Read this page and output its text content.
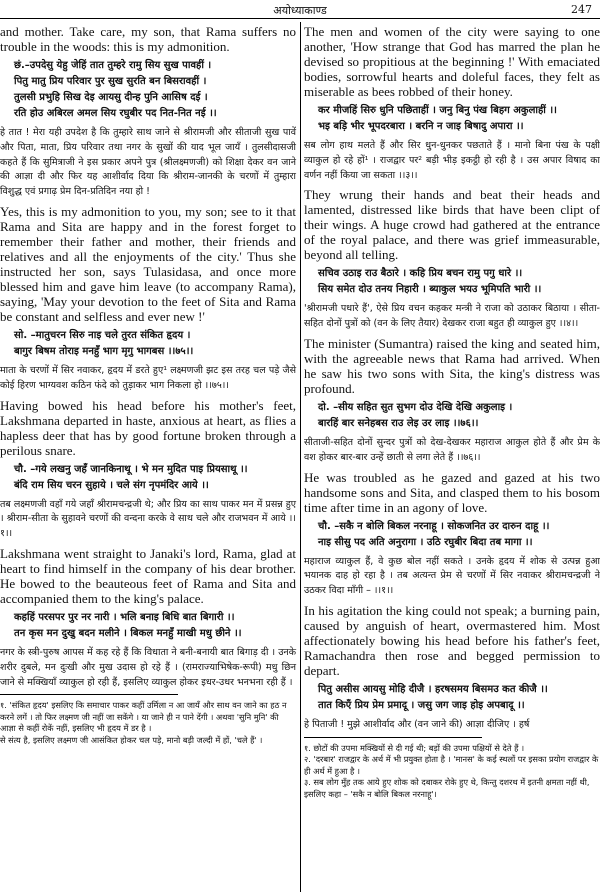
अयोध्याकाण्ड	247
and mother. Take care, my son, that Rama suffers no trouble in the woods: this is my admonition.
छं.–उपदेसु येहु जेहिं तात तुम्हरे रामु सिय सुख पावहीं ।
पितु मातु प्रिय परिवार पुर सुख सुरति बन बिसरावहीं ।
तुलसी प्रभुहि सिख देइ आयसु दीन्ह पुनि आसिष दई ।
रति होउ अबिरल अमल सिय रघुबीर पद नित-नित नई ।।
हे तात ! मेरा यही उपदेश है कि तुम्हारे साथ जाने से श्रीरामजी और सीताजी सुख पावें और पिता, माता, प्रिय परिवार तथा नगर के सुखों की याद भूल जायँ । तुलसीदासजी कहते हैं कि सुमित्राजी ने इस प्रकार अपने पुत्र (श्रीलक्ष्मणजी) को शिक्षा देकर वन जाने की आज्ञा दी और फिर यह आशीर्वाद दिया कि श्रीराम-जानकी के चरणों में तुम्हारा विशुद्ध एवं प्रगाढ़ प्रेम दिन-प्रतिदिन नया हो !
Yes, this is my admonition to you, my son; see to it that Rama and Sita are happy and in the forest forget to remember their father and mother, their friends and relatives and all the enjoyments of the city.' Thus she instructed her son, says Tulasidasa, and once more blessed him and gave him leave (to accompany Rama), saying, 'May your devotion to the feet of Sita and Rama be constant and selfless and ever new !'
सो. –मातुचरन सिरु नाइ चले तुरत संकित हृदय ।
बागुर बिषम तोराइ मनहुँ भाग मृगु भागबस ।।७५।।
माता के चरणों में सिर नवाकर, हृदय में डरते हुए¹ लक्ष्मणजी झट इस तरह चल पड़े जैसे कोई हिरण भाग्यवश कठिन फंदे को तुड़ाकर भाग निकला हो ।।७५।।
Having bowed his head before his mother's feet, Lakshmana departed in haste, anxious at heart, as flies a hapless deer that has by good fortune broken through a perilous snare.
चौ. –गये लखनु जहँ जानकिनाथू । भे मन मुदित पाइ प्रियसाथू ।।
बंदि राम सिय चरन सुहाये । चले संग नृपमंदिर आये ।।
तब लक्ष्मणजी वहाँ गये जहाँ श्रीरामचन्द्रजी थे; और प्रिय का साथ पाकर मन में प्रसन्न हुए । श्रीराम-सीता के सुहावने चरणों की वन्दना करके वे साथ चले और राजभवन में आये ।।१।।
Lakshmana went straight to Janaki's lord, Rama, glad at heart to find himself in the company of his dear brother. He bowed to the beauteous feet of Rama and Sita and accompanied them to the king's palace.
कहहिं परसपर पुर नर नारी । भलि बनाइ बिधि बात बिगारी ।।
तन कृस मन दुखु बदन मलीने । बिकल मनहुँ माखी मधु छीने ।।
नगर के स्त्री-पुरुष आपस में कह रहे हैं कि विधाता ने बनी-बनायी बात बिगाड़ दी । उनके शरीर दुबले, मन दुःखी और मुख उदास हो रहे हैं । (रामराज्याभिषेक-रूपी) मधु छिन जाने से मक्खियाँ व्याकुल हो रही हैं, इसलिए व्याकुल होकर इधर-उधर भनभना रही हैं ।
१. 'संकित हृदय' इसलिए कि समाचार पाकर कहीं उर्मिला न आ जायँ और साथ वन जाने का हठ न करने लगें । तो फिर लक्ष्मण जी नहीं जा सकेंगे । या जाने ही न पाने देंगी । अथवा 'सुनि मुनि' की आज्ञा से कहीं रोकें नहीं, इसलिए भी हृदय में डर है ।
से संत्य है, इसलिए लक्ष्मण जी आसंकित होकर चल पड़े, मानो बड़ी जल्दी में हों, 'चले हैं' ।
The men and women of the city were saying to one another, 'How strange that God has marred the plan he devised so propitious at the beginning !' With emaciated bodies, sorrowful hearts and doleful faces, they felt as miserable as bees robbed of their honey.
कर मीजहिं सिरु धुनि पछिताहीं । जनु बिनु पंख बिहग अकुलाहीं ।।
भइ बड़ि भीर भूपदरबारा । बरनि न जाइ बिषादु अपारा ।।
सब लोग हाथ मलते हैं और सिर धुन-धुनकर पछताते हैं । मानो बिना पंख के पक्षी व्याकुल हो रहे हों¹ । राजद्वार पर² बड़ी भीड़ इकट्ठी हो रही है । उस अपार विषाद का वर्णन नहीं किया जा सकता ।।३।।
They wrung their hands and beat their heads and lamented, distressed like birds that have been clipt of their wings. A huge crowd had gathered at the entrance of the royal palace, and there was grief immeasurable, beyond all telling.
सचिव उठाइ राउ बैठारे । कहि प्रिय बचन रामु पगु धारे ।।
सिय समेत दोउ तनय निहारी । ब्याकुल भयउ भूमिपति भारी ।।
'श्रीरामजी पधारे हैं', ऐसे प्रिय वचन कहकर मन्त्री ने राजा को उठाकर बिठाया । सीता-सहित दोनों पुत्रों को (वन के लिए तैयार) देखकर राजा बहुत ही व्याकुल हुए ।।४।।
The minister (Sumantra) raised the king and seated him, with the agreeable news that Rama had arrived. When he saw his two sons with Sita, the king's distress was profound.
दो. –सीय सहित सुत सुभग दोउ देखि देखि अकुलाइ ।
बारहिं बार सनेहबस राउ लेइ उर लाइ ।।७६।।
सीताजी-सहित दोनों सुन्दर पुत्रों को देख-देखकर महाराज आकुल होते हैं और प्रेम के वश होकर बार-बार उन्हें छाती से लगा लेते हैं ।।७६।।
He was troubled as he gazed and gazed at his two handsome sons and Sita, and clasped them to his bosom time after time in an agony of love.
चौ. –सकै न बोलि बिकल नरनाहू । सोकजनित उर दारुन दाहू ।।
नाइ सीसु पद अति अनुरागा । उठि रघुबीर बिदा तब मागा ।।
महाराज व्याकुल हैं, वे कुछ बोल नहीं सकते । उनके हृदय में शोक से उत्पन्न हुआ भयानक दाह हो रहा है । तब अत्यन्त प्रेम से चरणों में सिर नवाकर श्रीरामचन्द्रजी ने उठकर विदा माँगी – ।।१।।
In his agitation the king could not speak; a burning pain, caused by anguish of heart, overmastered him. Most affectionately bowing his head before his father's feet, Ramachandra then rose and begged permission to depart.
पितु असीस आयसु मोहि दीजै । हरषसमय बिसमउ कत कीजै ।।
तात किएँ प्रिय प्रेम प्रमादू । जसु जग जाइ होइ अपबादू ।।
हे पिताजी ! मुझे आशीर्वाद और (वन जाने की) आज्ञा दीजिए । हर्ष
१. छोटों की उपमा मक्खियों से दी गई थी; बड़ों की उपमा पक्षियों से देते हैं ।
२. 'दरबार' राजद्वार के अर्थ में भी प्रयुक्त होता है । 'मानस' के कई स्थलों पर इसका प्रयोग राजद्वार के ही अर्थ में हुआ है ।
३. सब लोग मुँह तक आये हुए शोक को दबाकर रोके हुए थे, किन्तु दशरथ में इतनी क्षमता नहीं थी, इसलिए कहा – 'सकै न बोलि बिकल नरनाहू'।
